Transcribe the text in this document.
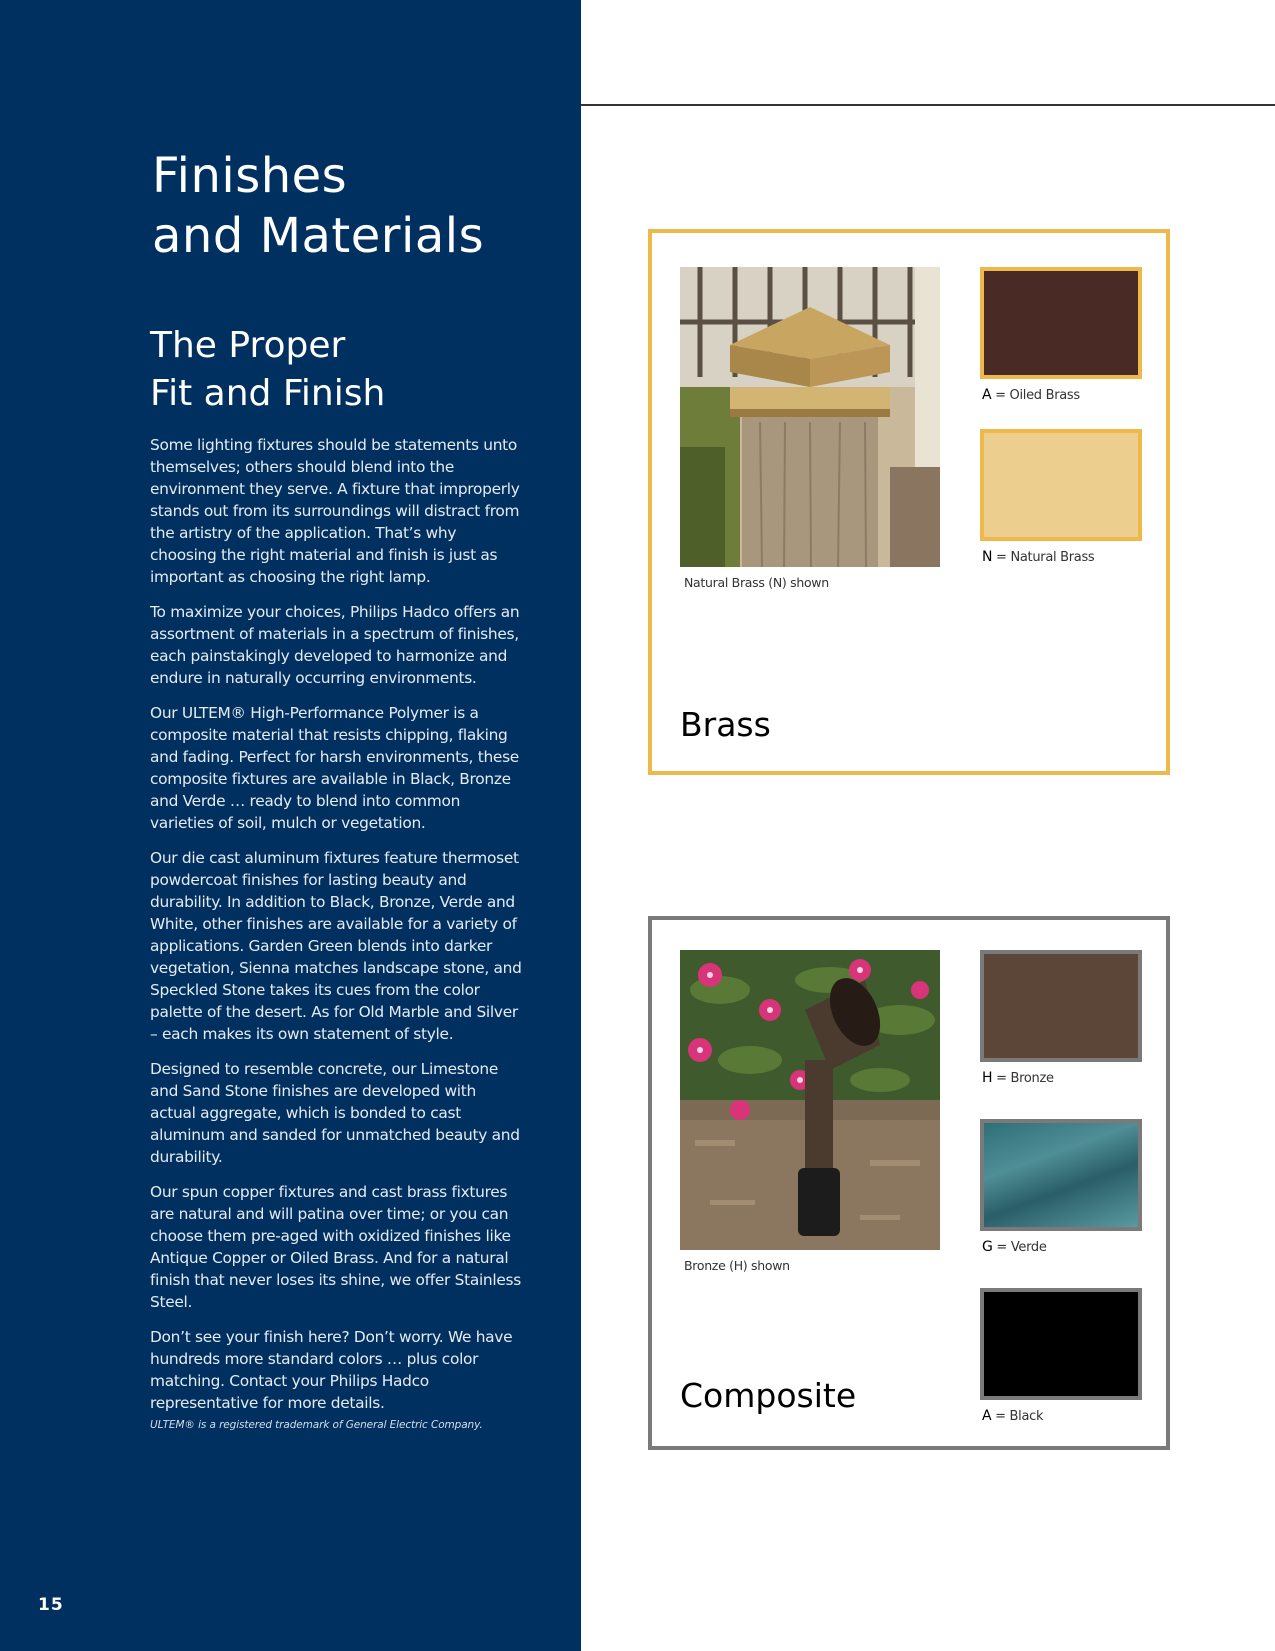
Finishes
and Materials
The Proper
Fit and Finish

Some lighting fixtures should be statements unto themselves; others should blend into the environment they serve. A fixture that improperly stands out from its surroundings will distract from the artistry of the application. That’s why choosing the right material and finish is just as important as choosing the right lamp.

To maximize your choices, Philips Hadco offers an assortment of materials in a spectrum of finishes, each painstakingly developed to harmonize and endure in naturally occurring environments.

Our ULTEM® High-Performance Polymer is a composite material that resists chipping, flaking and fading. Perfect for harsh environments, these composite fixtures are available in Black, Bronze and Verde … ready to blend into common varieties of soil, mulch or vegetation.

Our die cast aluminum fixtures feature thermoset powdercoat finishes for lasting beauty and durability. In addition to Black, Bronze, Verde and White, other finishes are available for a variety of applications. Garden Green blends into darker vegetation, Sienna matches landscape stone, and Speckled Stone takes its cues from the color palette of the desert. As for Old Marble and Silver – each makes its own statement of style.

Designed to resemble concrete, our Limestone and Sand Stone finishes are developed with actual aggregate, which is bonded to cast aluminum and sanded for unmatched beauty and durability.

Our spun copper fixtures and cast brass fixtures are natural and will patina over time; or you can choose them pre-aged with oxidized finishes like Antique Copper or Oiled Brass. And for a natural finish that never loses its shine, we offer Stainless Steel.

Don’t see your finish here? Don’t worry. We have hundreds more standard colors … plus color matching. Contact your Philips Hadco representative for more details.

ULTEM® is a registered trademark of General Electric Company.
15
Natural Brass (N) shown
A = Oiled Brass
N = Natural Brass
Brass
Bronze (H) shown
H = Bronze
G = Verde
A = Black
Composite
